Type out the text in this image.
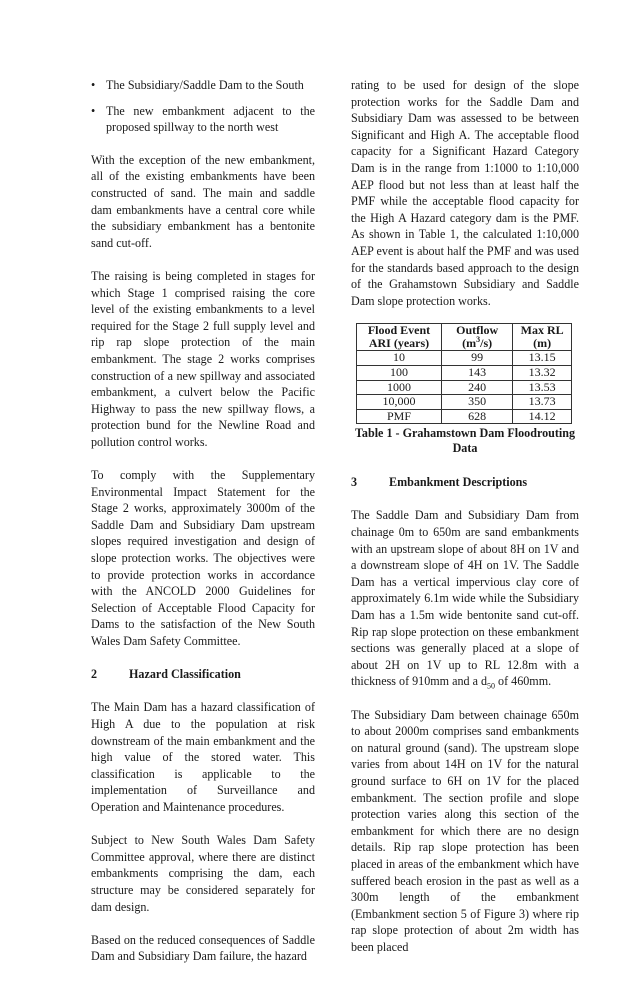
• The Subsidiary/Saddle Dam to the South
• The new embankment adjacent to the proposed spillway to the north west

With the exception of the new embankment, all of the existing embankments have been constructed of sand. The main and saddle dam embankments have a central core while the subsidiary embankment has a bentonite sand cut-off.

The raising is being completed in stages for which Stage 1 comprised raising the core level of the existing embankments to a level required for the Stage 2 full supply level and rip rap slope protection of the main embankment. The stage 2 works comprises construction of a new spillway and associated embankment, a culvert below the Pacific Highway to pass the new spillway flows, a protection bund for the Newline Road and pollution control works.

To comply with the Supplementary Environmental Impact Statement for the Stage 2 works, approximately 3000m of the Saddle Dam and Subsidiary Dam upstream slopes required investigation and design of slope protection works. The objectives were to provide protection works in accordance with the ANCOLD 2000 Guidelines for Selection of Acceptable Flood Capacity for Dams to the satisfaction of the New South Wales Dam Safety Committee.

2	Hazard Classification

The Main Dam has a hazard classification of High A due to the population at risk downstream of the main embankment and the high value of the stored water. This classification is applicable to the implementation of Surveillance and Operation and Maintenance procedures.

Subject to New South Wales Dam Safety Committee approval, where there are distinct embankments comprising the dam, each structure may be considered separately for dam design.

Based on the reduced consequences of Saddle Dam and Subsidiary Dam failure, the hazard

rating to be used for design of the slope protection works for the Saddle Dam and Subsidiary Dam was assessed to be between Significant and High A. The acceptable flood capacity for a Significant Hazard Category Dam is in the range from 1:1000 to 1:10,000 AEP flood but not less than at least half the PMF while the acceptable flood capacity for the High A Hazard category dam is the PMF. As shown in Table 1, the calculated 1:10,000 AEP event is about half the PMF and was used for the standards based approach to the design of the Grahamstown Subsidiary and Saddle Dam slope protection works.

Flood Event ARI (years)	Outflow $(m^3/s)$	Max RL (m)
10	99	13.15
100	143	13.32
1000	240	13.53
10,000	350	13.73
PMF	628	14.12
Table 1 - Grahamstown Dam Floodrouting Data
3	Embankment Descriptions

The Saddle Dam and Subsidiary Dam from chainage 0m to 650m are sand embankments with an upstream slope of about 8H on 1V and a downstream slope of 4H on 1V. The Saddle Dam has a vertical impervious clay core of approximately 6.1m wide while the Subsidiary Dam has a 1.5m wide bentonite sand cut-off. Rip rap slope protection on these embankment sections was generally placed at a slope of about 2H on 1V up to RL 12.8m with a thickness of 910mm and a $d_{50}$ of 460mm.

The Subsidiary Dam between chainage 650m to about 2000m comprises sand embankments on natural ground (sand). The upstream slope varies from about 14H on 1V for the natural ground surface to 6H on 1V for the placed embankment. The section profile and slope protection varies along this section of the embankment for which there are no design details. Rip rap slope protection has been placed in areas of the embankment which have suffered beach erosion in the past as well as a 300m length of the embankment (Embankment section 5 of Figure 3) where rip rap slope protection of about 2m width has been placed
